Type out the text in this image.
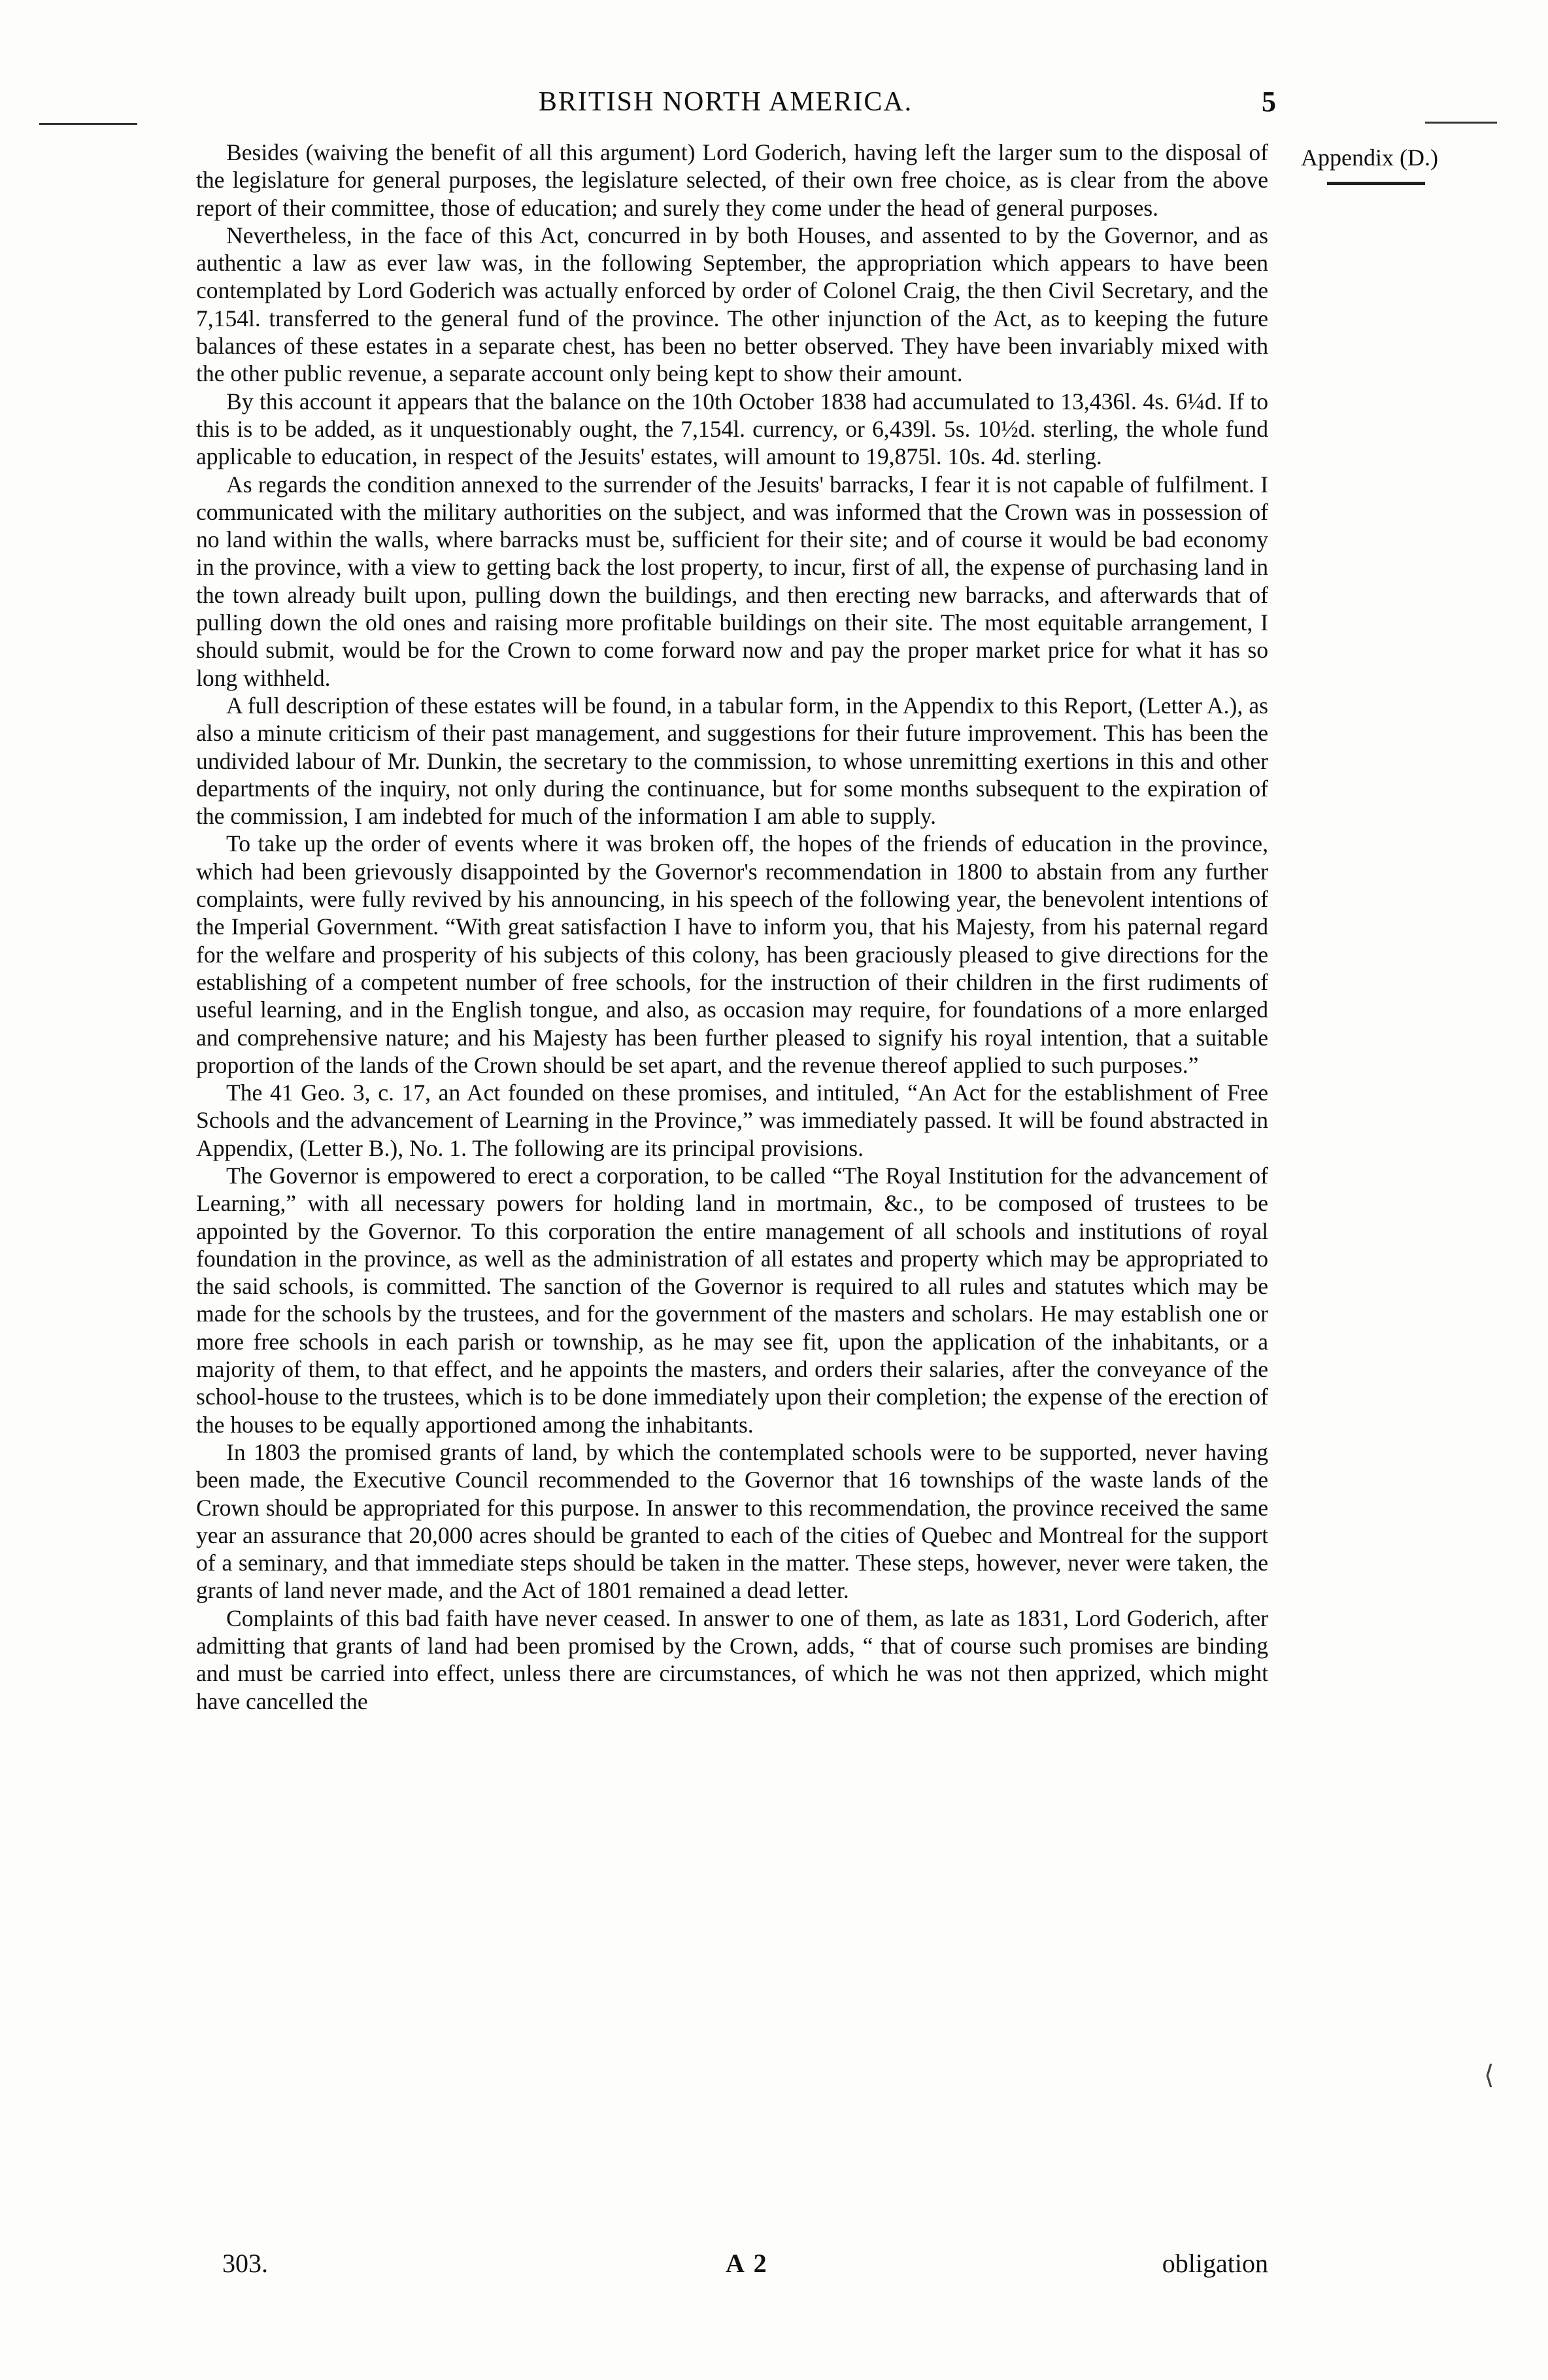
BRITISH NORTH AMERICA.	5
Appendix (D.)

Besides (waiving the benefit of all this argument) Lord Goderich, having left the larger sum to the disposal of the legislature for general purposes, the legislature selected, of their own free choice, as is clear from the above report of their committee, those of education; and surely they come under the head of general purposes.

Nevertheless, in the face of this Act, concurred in by both Houses, and assented to by the Governor, and as authentic a law as ever law was, in the following September, the appropriation which appears to have been contemplated by Lord Goderich was actually enforced by order of Colonel Craig, the then Civil Secretary, and the 7,154l. transferred to the general fund of the province. The other injunction of the Act, as to keeping the future balances of these estates in a separate chest, has been no better observed. They have been invariably mixed with the other public revenue, a separate account only being kept to show their amount.

By this account it appears that the balance on the 10th October 1838 had accumulated to 13,436l. 4s. 6¼d. If to this is to be added, as it unquestionably ought, the 7,154l. currency, or 6,439l. 5s. 10½d. sterling, the whole fund applicable to education, in respect of the Jesuits' estates, will amount to 19,875l. 10s. 4d. sterling.

As regards the condition annexed to the surrender of the Jesuits' barracks, I fear it is not capable of fulfilment. I communicated with the military authorities on the subject, and was informed that the Crown was in possession of no land within the walls, where barracks must be, sufficient for their site; and of course it would be bad economy in the province, with a view to getting back the lost property, to incur, first of all, the expense of purchasing land in the town already built upon, pulling down the buildings, and then erecting new barracks, and afterwards that of pulling down the old ones and raising more profitable buildings on their site. The most equitable arrangement, I should submit, would be for the Crown to come forward now and pay the proper market price for what it has so long withheld.

A full description of these estates will be found, in a tabular form, in the Appendix to this Report, (Letter A.), as also a minute criticism of their past management, and suggestions for their future improvement. This has been the undivided labour of Mr. Dunkin, the secretary to the commission, to whose unremitting exertions in this and other departments of the inquiry, not only during the continuance, but for some months subsequent to the expiration of the commission, I am indebted for much of the information I am able to supply.

To take up the order of events where it was broken off, the hopes of the friends of education in the province, which had been grievously disappointed by the Governor's recommendation in 1800 to abstain from any further complaints, were fully revived by his announcing, in his speech of the following year, the benevolent intentions of the Imperial Government. “With great satisfaction I have to inform you, that his Majesty, from his paternal regard for the welfare and prosperity of his subjects of this colony, has been graciously pleased to give directions for the establishing of a competent number of free schools, for the instruction of their children in the first rudiments of useful learning, and in the English tongue, and also, as occasion may require, for foundations of a more enlarged and comprehensive nature; and his Majesty has been further pleased to signify his royal intention, that a suitable proportion of the lands of the Crown should be set apart, and the revenue thereof applied to such purposes.”

The 41 Geo. 3, c. 17, an Act founded on these promises, and intituled, “An Act for the establishment of Free Schools and the advancement of Learning in the Province,” was immediately passed. It will be found abstracted in Appendix, (Letter B.), No. 1. The following are its principal provisions.

The Governor is empowered to erect a corporation, to be called “The Royal Institution for the advancement of Learning,” with all necessary powers for holding land in mortmain, &c., to be composed of trustees to be appointed by the Governor. To this corporation the entire management of all schools and institutions of royal foundation in the province, as well as the administration of all estates and property which may be appropriated to the said schools, is committed. The sanction of the Governor is required to all rules and statutes which may be made for the schools by the trustees, and for the government of the masters and scholars. He may establish one or more free schools in each parish or township, as he may see fit, upon the application of the inhabitants, or a majority of them, to that effect, and he appoints the masters, and orders their salaries, after the conveyance of the school-house to the trustees, which is to be done immediately upon their completion; the expense of the erection of the houses to be equally apportioned among the inhabitants.

In 1803 the promised grants of land, by which the contemplated schools were to be supported, never having been made, the Executive Council recommended to the Governor that 16 townships of the waste lands of the Crown should be appropriated for this purpose. In answer to this recommendation, the province received the same year an assurance that 20,000 acres should be granted to each of the cities of Quebec and Montreal for the support of a seminary, and that immediate steps should be taken in the matter. These steps, however, never were taken, the grants of land never made, and the Act of 1801 remained a dead letter.

Complaints of this bad faith have never ceased. In answer to one of them, as late as 1831, Lord Goderich, after admitting that grants of land had been promised by the Crown, adds, “ that of course such promises are binding and must be carried into effect, unless there are circumstances, of which he was not then apprized, which might have cancelled the

303.	A 2	obligation
⟨
